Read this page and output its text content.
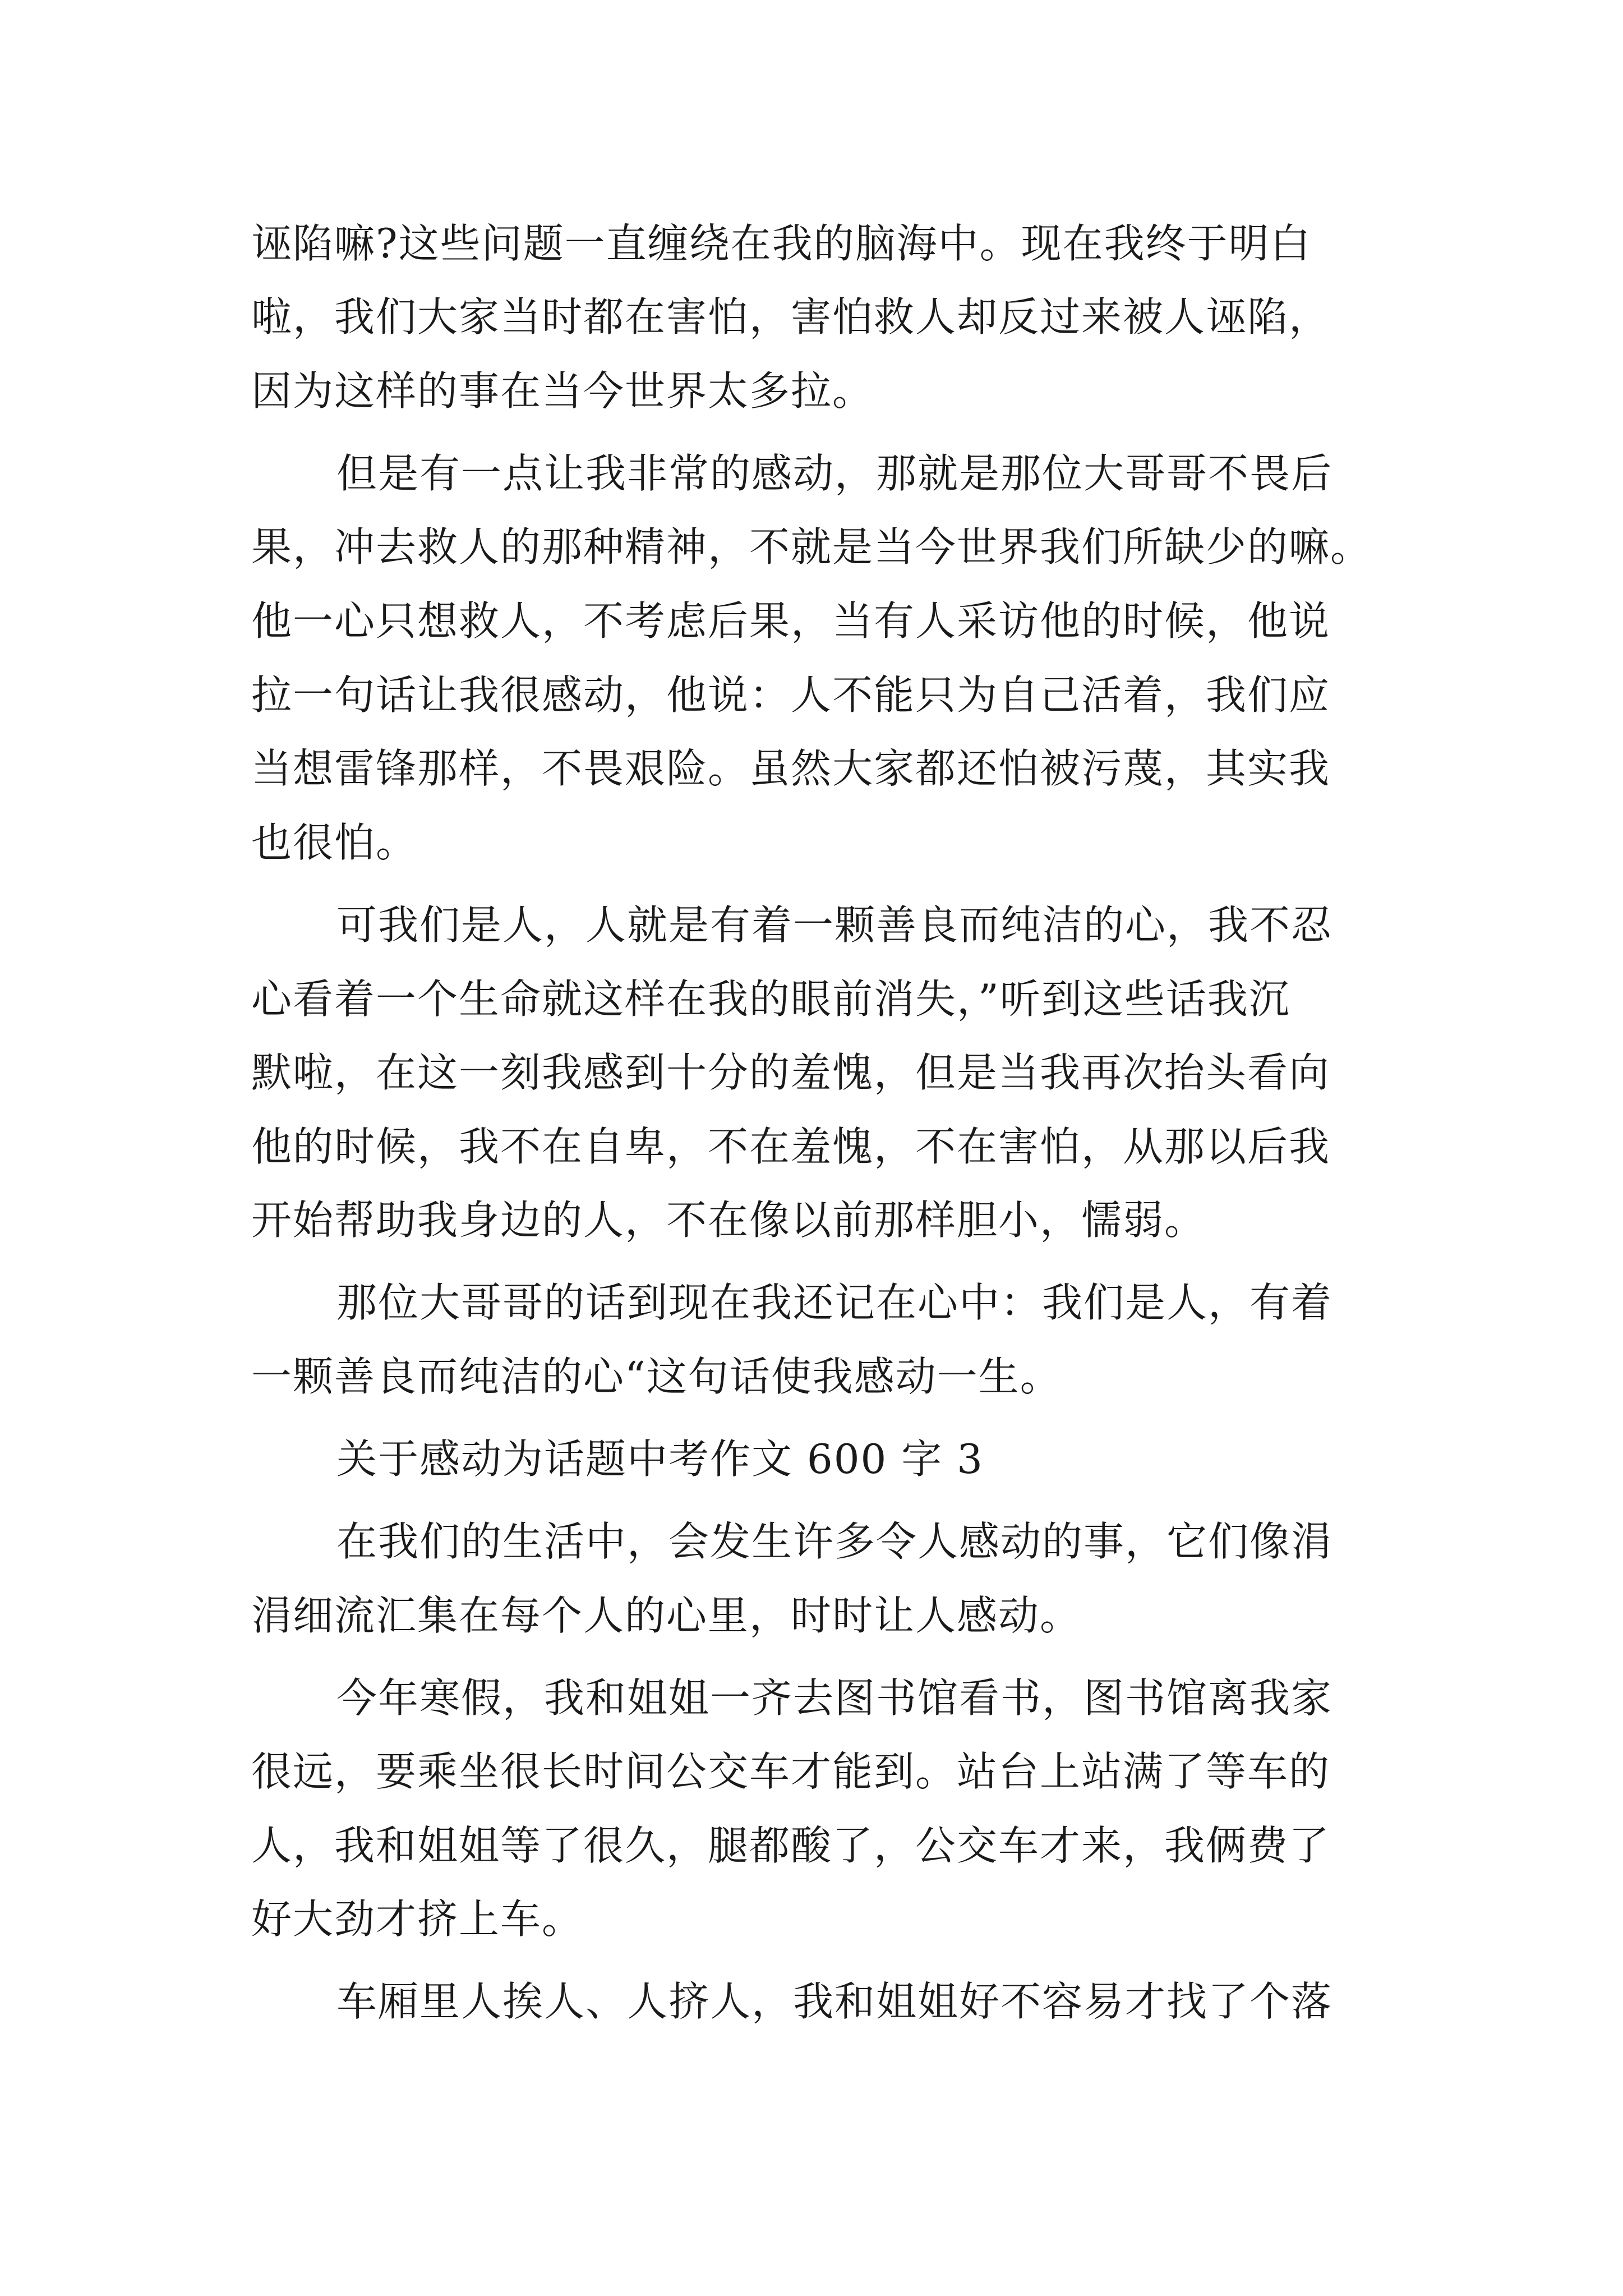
诬陷嘛?这些问题一直缠绕在我的脑海中。现在我终于明白
啦，我们大家当时都在害怕，害怕救人却反过来被人诬陷，
因为这样的事在当今世界太多拉。
但是有一点让我非常的感动，那就是那位大哥哥不畏后
果，冲去救人的那种精神，不就是当今世界我们所缺少的嘛。
他一心只想救人，不考虑后果，当有人采访他的时候，他说
拉一句话让我很感动，他说：人不能只为自己活着，我们应
当想雷锋那样，不畏艰险。虽然大家都还怕被污蔑，其实我
也很怕。
可我们是人，人就是有着一颗善良而纯洁的心，我不忍
心看着一个生命就这样在我的眼前消失，”听到这些话我沉
默啦，在这一刻我感到十分的羞愧，但是当我再次抬头看向
他的时候，我不在自卑，不在羞愧，不在害怕，从那以后我
开始帮助我身边的人，不在像以前那样胆小，懦弱。
那位大哥哥的话到现在我还记在心中：我们是人，有着
一颗善良而纯洁的心“这句话使我感动一生。
关于感动为话题中考作文 600 字 3
在我们的生活中，会发生许多令人感动的事，它们像涓
涓细流汇集在每个人的心里，时时让人感动。
今年寒假，我和姐姐一齐去图书馆看书，图书馆离我家
很远，要乘坐很长时间公交车才能到。站台上站满了等车的
人，我和姐姐等了很久，腿都酸了，公交车才来，我俩费了
好大劲才挤上车。
车厢里人挨人、人挤人，我和姐姐好不容易才找了个落
